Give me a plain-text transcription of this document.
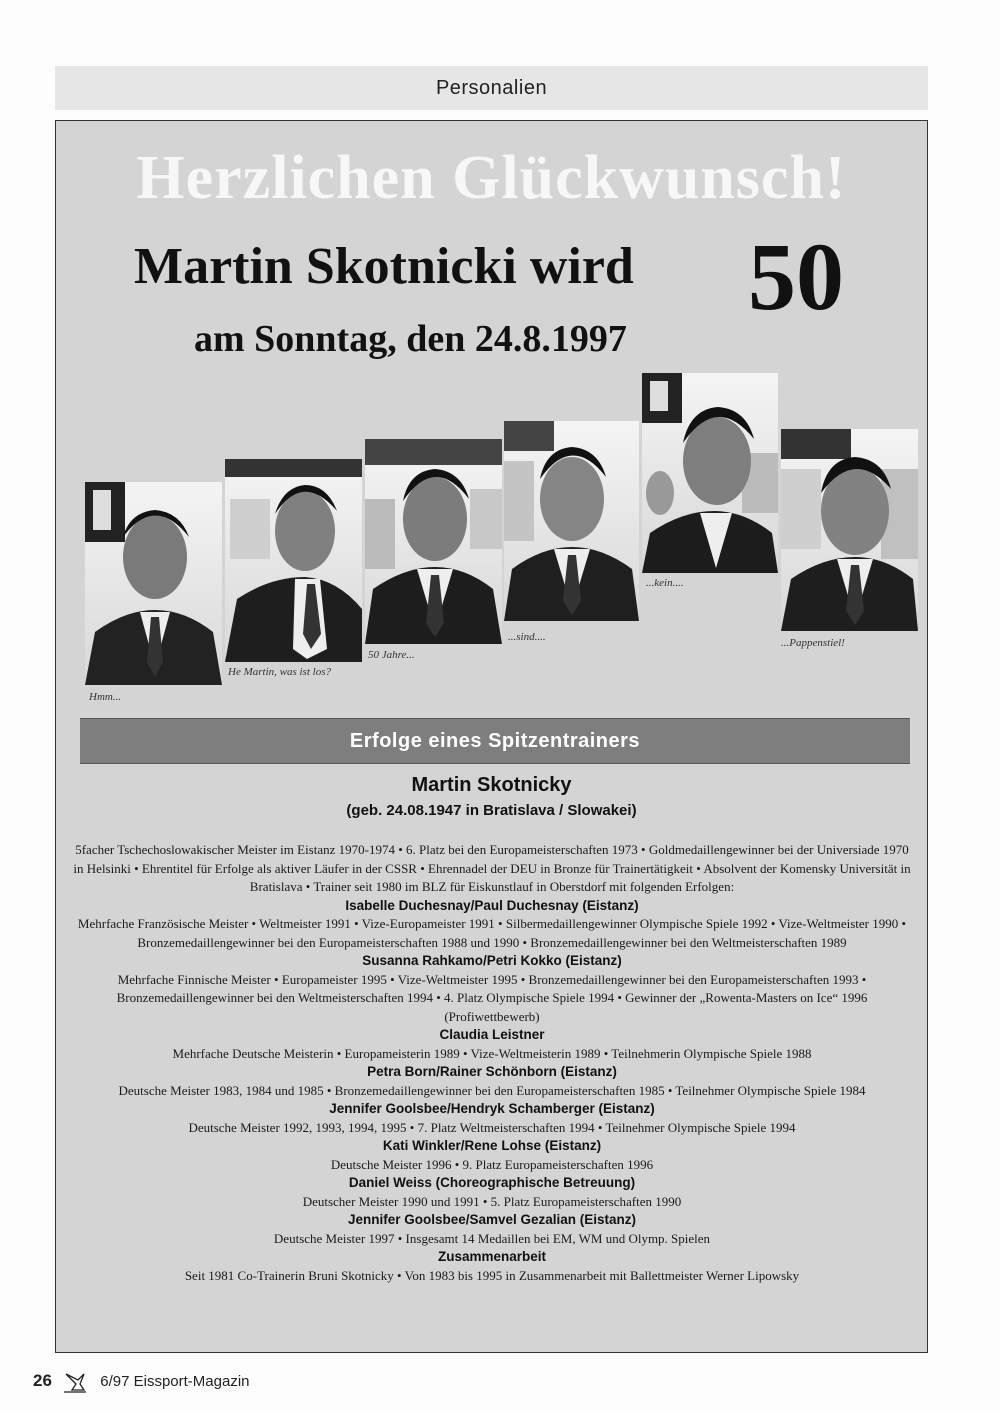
Personalien
Herzlichen Glückwunsch!
Martin Skotnicki wird 50
am Sonntag, den 24.8.1997
Hmm...
He Martin, was ist los?
50 Jahre...
...sind....
...kein....
...Pappenstiel!
Erfolge eines Spitzentrainers
Martin Skotnicky
(geb. 24.08.1947 in Bratislava / Slowakei)
5facher Tschechoslowakischer Meister im Eistanz 1970-1974 • 6. Platz bei den Europameisterschaften 1973 • Goldmedaillengewinner bei der Universiade 1970 in Helsinki • Ehrentitel für Erfolge als aktiver Läufer in der CSSR • Ehrennadel der DEU in Bronze für Trainertätigkeit • Absolvent der Komensky Universität in Bratislava • Trainer seit 1980 im BLZ für Eiskunstlauf in Oberstdorf mit folgenden Erfolgen:
Isabelle Duchesnay/Paul Duchesnay (Eistanz)
Mehrfache Französische Meister • Weltmeister 1991 • Vize-Europameister 1991 • Silbermedaillengewinner Olympische Spiele 1992 • Vize-Weltmeister 1990 • Bronzemedaillengewinner bei den Europameisterschaften 1988 und 1990 • Bronzemedaillengewinner bei den Weltmeisterschaften 1989
Susanna Rahkamo/Petri Kokko (Eistanz)
Mehrfache Finnische Meister • Europameister 1995 • Vize-Weltmeister 1995 • Bronzemedaillengewinner bei den Europameisterschaften 1993 • Bronzemedaillengewinner bei den Weltmeisterschaften 1994 • 4. Platz Olympische Spiele 1994 • Gewinner der „Rowenta-Masters on Ice“ 1996 (Profiwettbewerb)
Claudia Leistner
Mehrfache Deutsche Meisterin • Europameisterin 1989 • Vize-Weltmeisterin 1989 • Teilnehmerin Olympische Spiele 1988
Petra Born/Rainer Schönborn (Eistanz)
Deutsche Meister 1983, 1984 und 1985 • Bronzemedaillengewinner bei den Europameisterschaften 1985 • Teilnehmer Olympische Spiele 1984
Jennifer Goolsbee/Hendryk Schamberger (Eistanz)
Deutsche Meister 1992, 1993, 1994, 1995 • 7. Platz Weltmeisterschaften 1994 • Teilnehmer Olympische Spiele 1994
Kati Winkler/Rene Lohse (Eistanz)
Deutsche Meister 1996 • 9. Platz Europameisterschaften 1996
Daniel Weiss (Choreographische Betreuung)
Deutscher Meister 1990 und 1991 • 5. Platz Europameisterschaften 1990
Jennifer Goolsbee/Samvel Gezalian (Eistanz)
Deutsche Meister 1997 • Insgesamt 14 Medaillen bei EM, WM und Olymp. Spielen
Zusammenarbeit
Seit 1981 Co-Trainerin Bruni Skotnicky • Von 1983 bis 1995 in Zusammenarbeit mit Ballettmeister Werner Lipowsky
26	6/97 Eissport-Magazin
